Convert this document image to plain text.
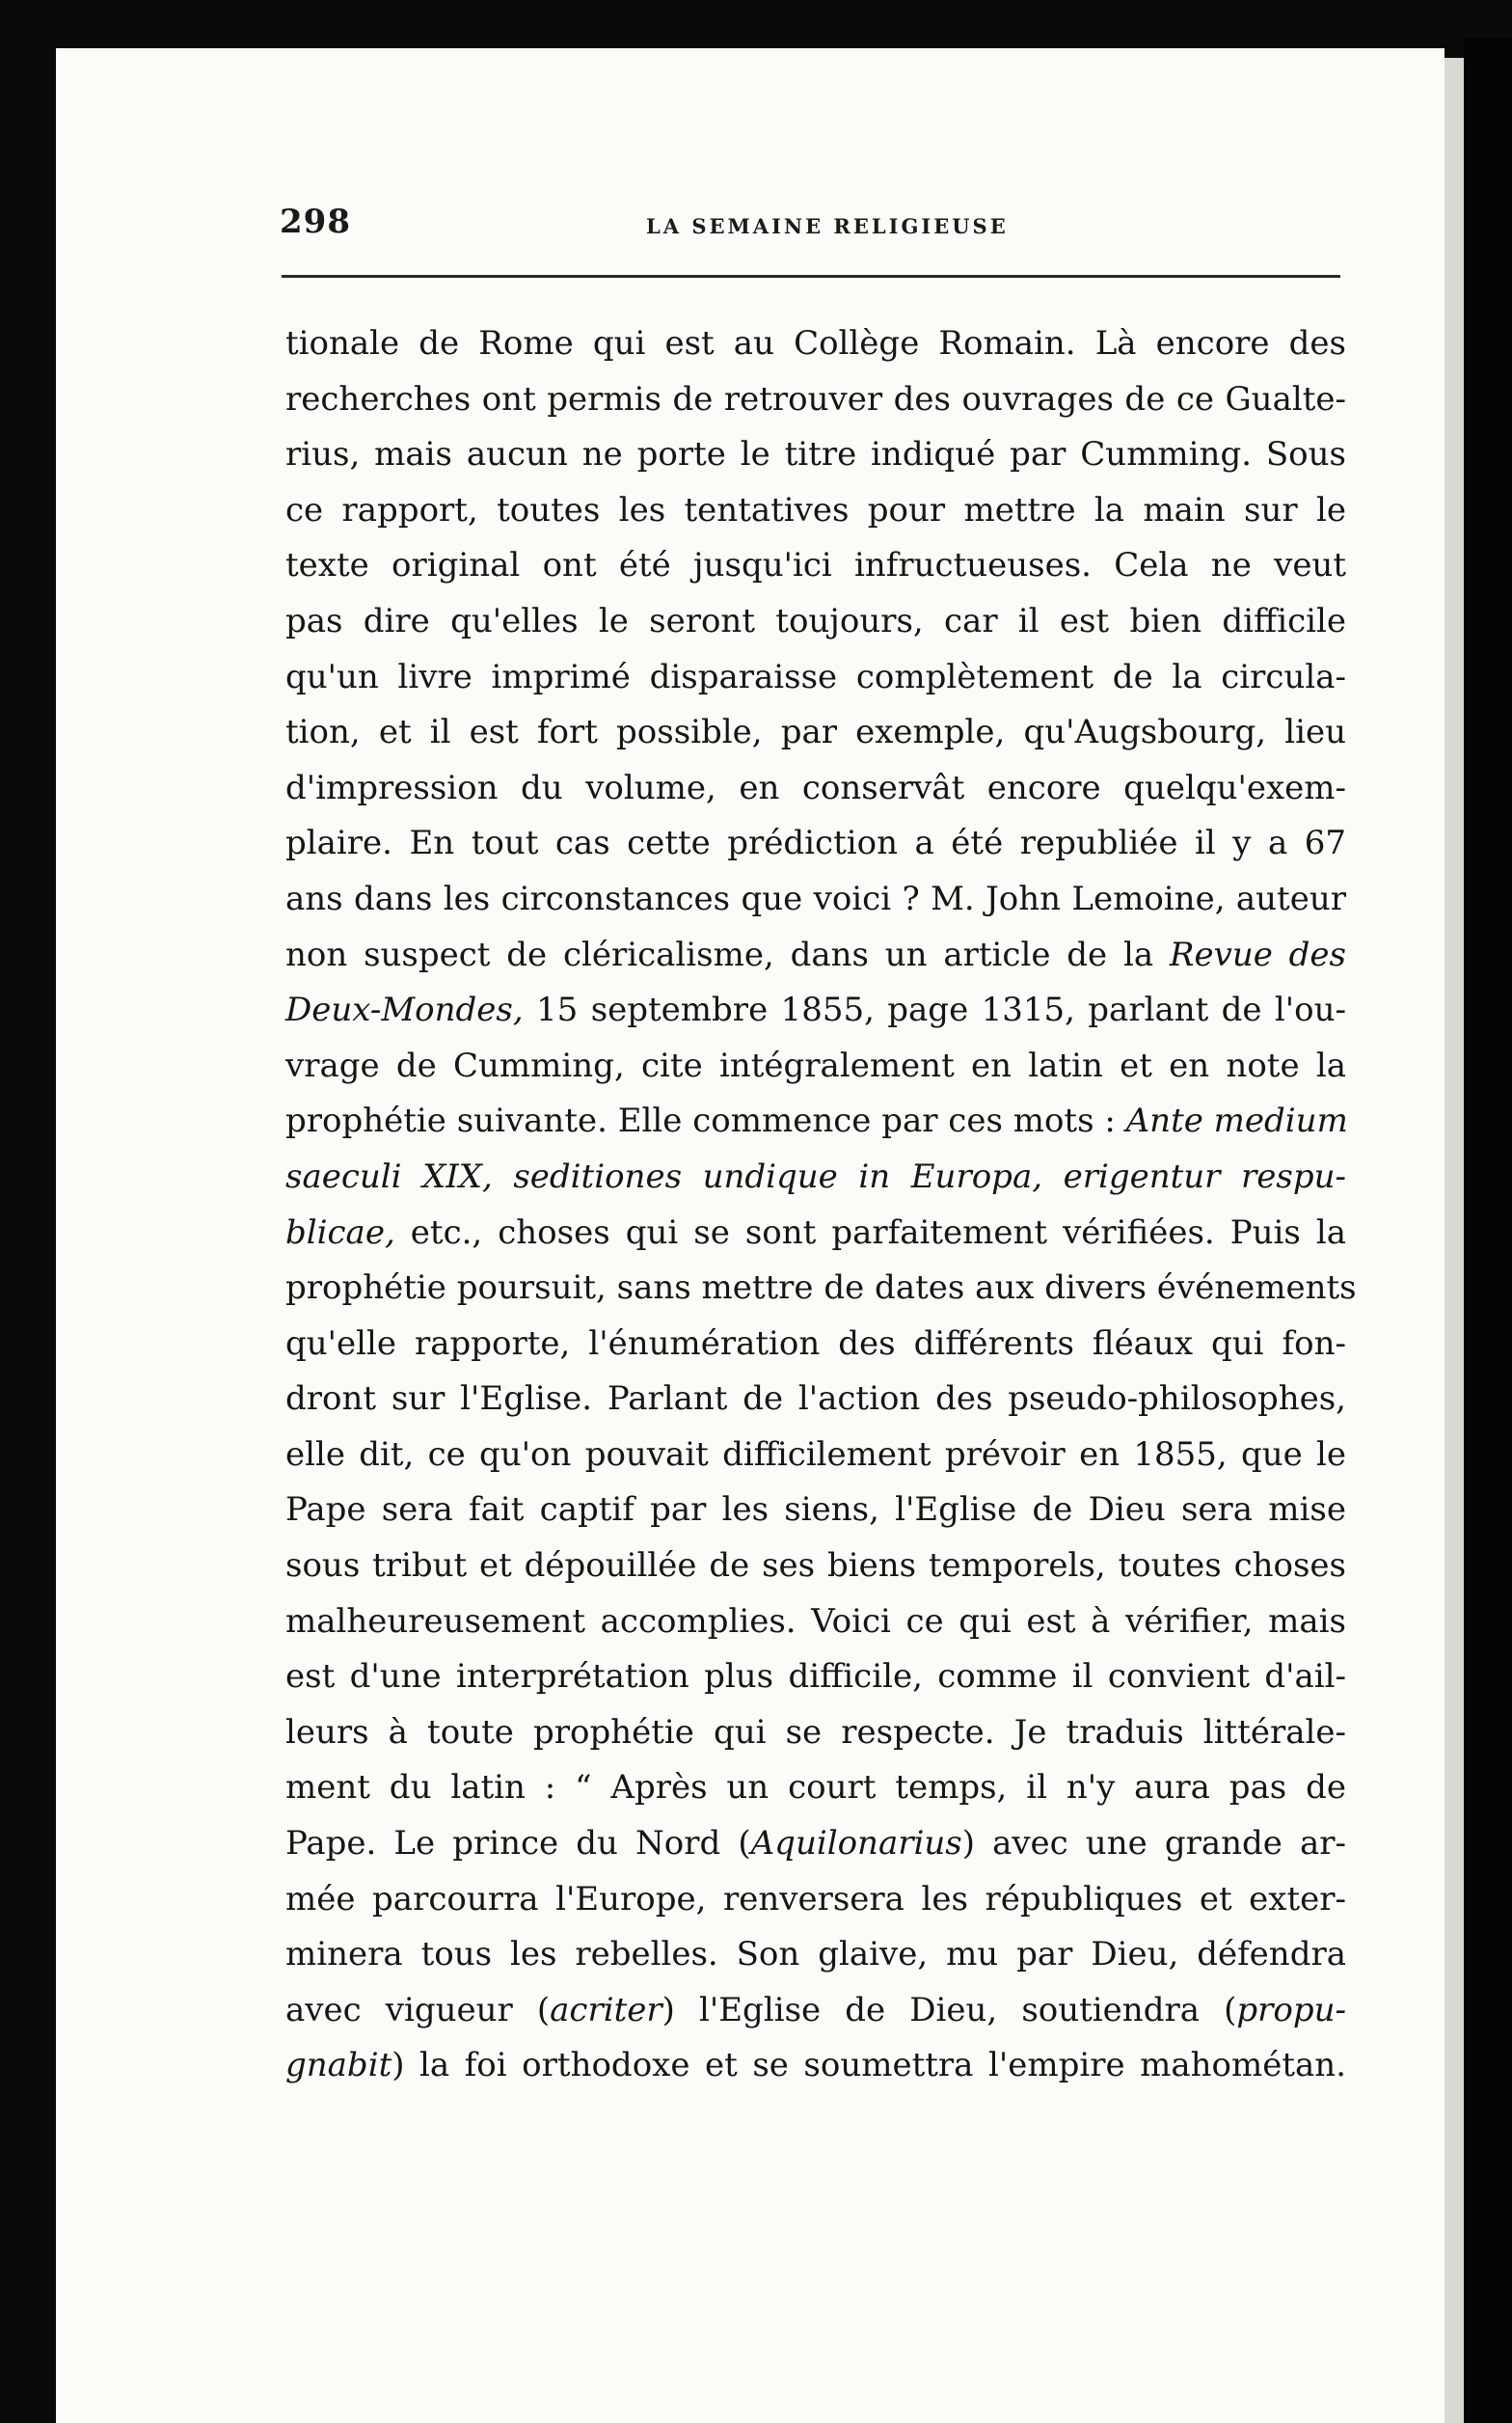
298	LA SEMAINE RELIGIEUSE

tionale de Rome qui est au Collège Romain. Là encore des
recherches ont permis de retrouver des ouvrages de ce Gualte-
rius, mais aucun ne porte le titre indiqué par Cumming. Sous
ce rapport, toutes les tentatives pour mettre la main sur le
texte original ont été jusqu'ici infructueuses. Cela ne veut
pas dire qu'elles le seront toujours, car il est bien difficile
qu'un livre imprimé disparaisse complètement de la circula-
tion, et il est fort possible, par exemple, qu'Augsbourg, lieu
d'impression du volume, en conservât encore quelqu'exem-
plaire. En tout cas cette prédiction a été republiée il y a 67
ans dans les circonstances que voici ? M. John Lemoine, auteur
non suspect de cléricalisme, dans un article de la Revue des
Deux-Mondes, 15 septembre 1855, page 1315, parlant de l'ou-
vrage de Cumming, cite intégralement en latin et en note la
prophétie suivante. Elle commence par ces mots : Ante medium
saeculi XIX, seditiones undique in Europa, erigentur respu-
blicae, etc., choses qui se sont parfaitement vérifiées. Puis la
prophétie poursuit, sans mettre de dates aux divers événements
qu'elle rapporte, l'énumération des différents fléaux qui fon-
dront sur l'Eglise. Parlant de l'action des pseudo-philosophes,
elle dit, ce qu'on pouvait difficilement prévoir en 1855, que le
Pape sera fait captif par les siens, l'Eglise de Dieu sera mise
sous tribut et dépouillée de ses biens temporels, toutes choses
malheureusement accomplies. Voici ce qui est à vérifier, mais
est d'une interprétation plus difficile, comme il convient d'ail-
leurs à toute prophétie qui se respecte. Je traduis littérale-
ment du latin : “ Après un court temps, il n'y aura pas de
Pape. Le prince du Nord (Aquilonarius) avec une grande ar-
mée parcourra l'Europe, renversera les républiques et exter-
minera tous les rebelles. Son glaive, mu par Dieu, défendra
avec vigueur (acriter) l'Eglise de Dieu, soutiendra (propu-
gnabit) la foi orthodoxe et se soumettra l'empire mahométan.
